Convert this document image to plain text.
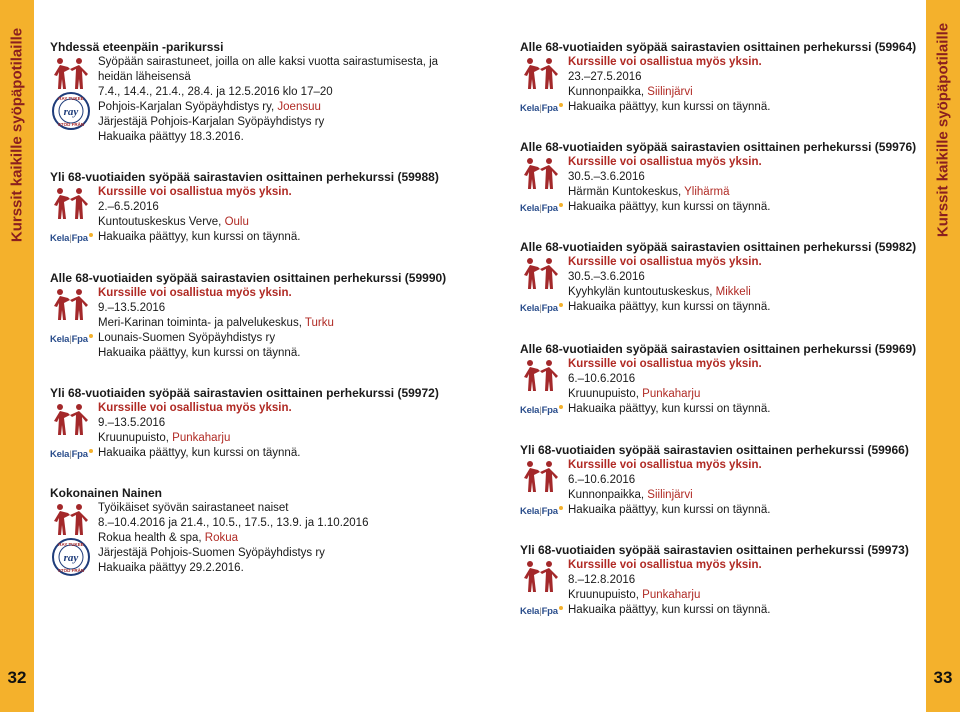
Kurssit kaikille syöpäpotilaille
32
Kurssit kaikille syöpäpotilaille
33
Yhdessä eteenpäin -parikurssi
RAY TUKEE
ray
STÖD FRÅN
Syöpään sairastuneet, joilla on alle kaksi vuotta sairastumisesta, ja
heidän läheisensä
7.4., 14.4., 21.4., 28.4. ja 12.5.2016 klo 17–20
Pohjois-Karjalan Syöpäyhdistys ry, Joensuu
Järjestäjä Pohjois-Karjalan Syöpäyhdistys ry
Hakuaika päättyy 18.3.2016.
Yli 68-vuotiaiden syöpää sairastavien osittainen perhekurssi (59988)
Kela|Fpa
Kurssille voi osallistua myös yksin.
2.–6.5.2016
Kuntoutuskeskus Verve, Oulu
Hakuaika päättyy, kun kurssi on täynnä.
Alle 68-vuotiaiden syöpää sairastavien osittainen perhekurssi (59990)
Kela|Fpa
Kurssille voi osallistua myös yksin.
9.–13.5.2016
Meri-Karinan toiminta- ja palvelukeskus, Turku
Lounais-Suomen Syöpäyhdistys ry
Hakuaika päättyy, kun kurssi on täynnä.
Yli 68-vuotiaiden syöpää sairastavien osittainen perhekurssi (59972)
Kela|Fpa
Kurssille voi osallistua myös yksin.
9.–13.5.2016
Kruunupuisto, Punkaharju
Hakuaika päättyy, kun kurssi on täynnä.
Kokonainen Nainen
RAY TUKEE
ray
STÖD FRÅN
Työikäiset syövän sairastaneet naiset
8.–10.4.2016 ja 21.4., 10.5., 17.5., 13.9. ja 1.10.2016
Rokua health & spa, Rokua
Järjestäjä Pohjois-Suomen Syöpäyhdistys ry
Hakuaika päättyy 29.2.2016.
Alle 68-vuotiaiden syöpää sairastavien osittainen perhekurssi (59964)
Kela|Fpa
Kurssille voi osallistua myös yksin.
23.–27.5.2016
Kunnonpaikka, Siilinjärvi
Hakuaika päättyy, kun kurssi on täynnä.
Alle 68-vuotiaiden syöpää sairastavien osittainen perhekurssi (59976)
Kela|Fpa
Kurssille voi osallistua myös yksin.
30.5.–3.6.2016
Härmän Kuntokeskus, Ylihärmä
Hakuaika päättyy, kun kurssi on täynnä.
Alle 68-vuotiaiden syöpää sairastavien osittainen perhekurssi (59982)
Kela|Fpa
Kurssille voi osallistua myös yksin.
30.5.–3.6.2016
Kyyhkylän kuntoutuskeskus, Mikkeli
Hakuaika päättyy, kun kurssi on täynnä.
Alle 68-vuotiaiden syöpää sairastavien osittainen perhekurssi (59969)
Kela|Fpa
Kurssille voi osallistua myös yksin.
6.–10.6.2016
Kruunupuisto, Punkaharju
Hakuaika päättyy, kun kurssi on täynnä.
Yli 68-vuotiaiden syöpää sairastavien osittainen perhekurssi (59966)
Kela|Fpa
Kurssille voi osallistua myös yksin.
6.–10.6.2016
Kunnonpaikka, Siilinjärvi
Hakuaika päättyy, kun kurssi on täynnä.
Yli 68-vuotiaiden syöpää sairastavien osittainen perhekurssi (59973)
Kela|Fpa
Kurssille voi osallistua myös yksin.
8.–12.8.2016
Kruunupuisto, Punkaharju
Hakuaika päättyy, kun kurssi on täynnä.
